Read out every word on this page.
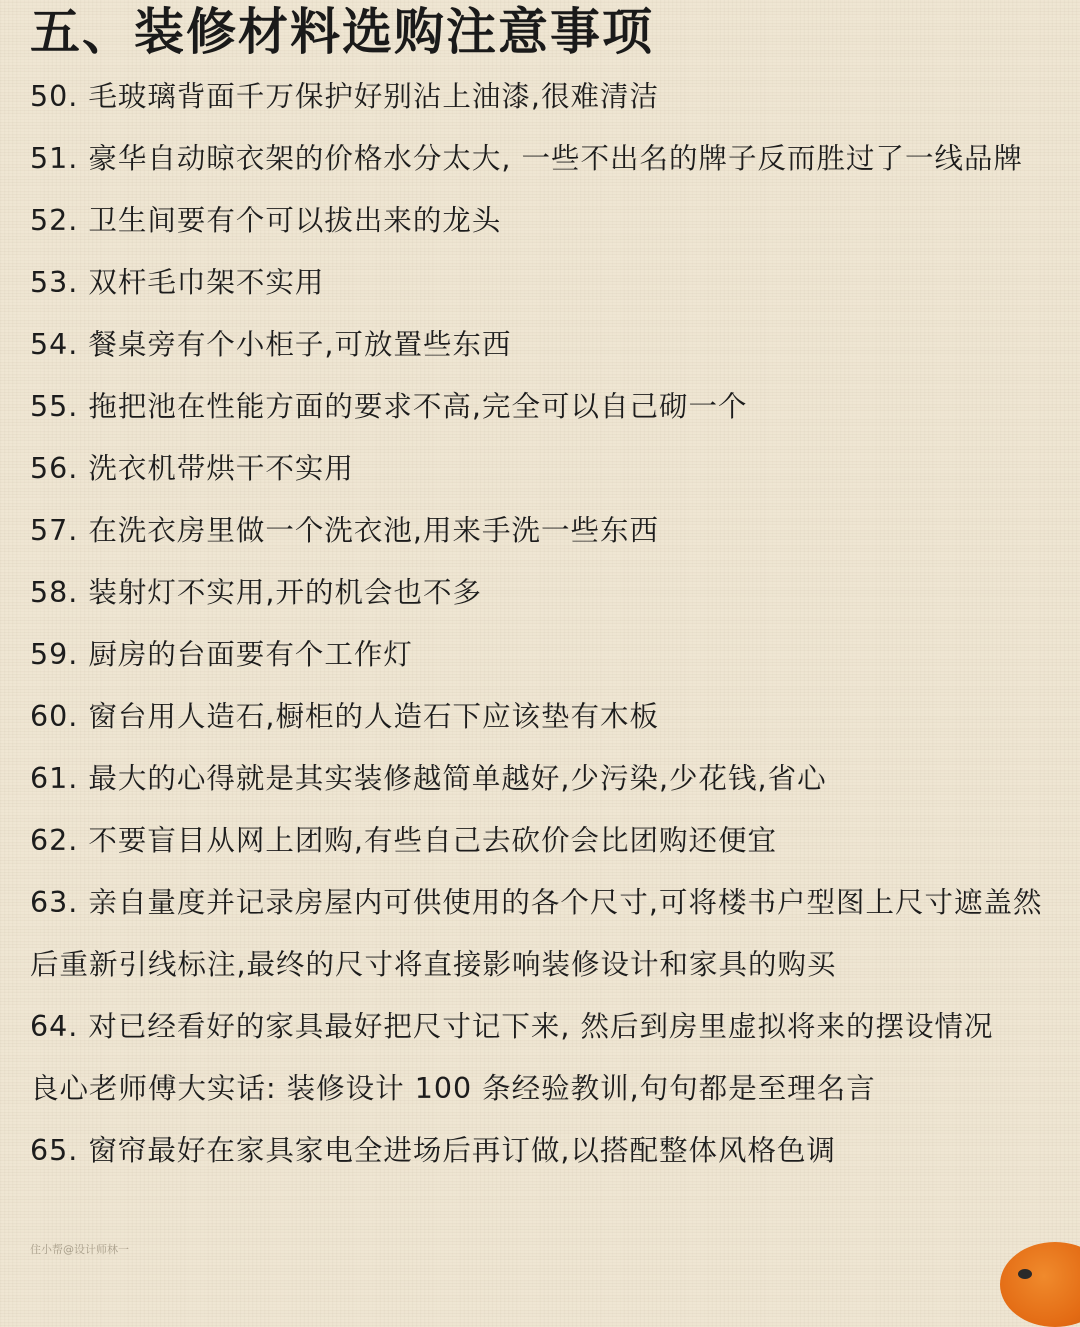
五、装修材料选购注意事项
50. 毛玻璃背面千万保护好别沾上油漆,很难清洁
51. 豪华自动晾衣架的价格水分太大, 一些不出名的牌子反而胜过了一线品牌
52. 卫生间要有个可以拔出来的龙头
53. 双杆毛巾架不实用
54. 餐桌旁有个小柜子,可放置些东西
55. 拖把池在性能方面的要求不高,完全可以自己砌一个
56. 洗衣机带烘干不实用
57. 在洗衣房里做一个洗衣池,用来手洗一些东西
58. 装射灯不实用,开的机会也不多
59. 厨房的台面要有个工作灯
60. 窗台用人造石,橱柜的人造石下应该垫有木板
61. 最大的心得就是其实装修越简单越好,少污染,少花钱,省心
62. 不要盲目从网上团购,有些自己去砍价会比团购还便宜
63. 亲自量度并记录房屋内可供使用的各个尺寸,可将楼书户型图上尺寸遮盖然后重新引线标注,最终的尺寸将直接影响装修设计和家具的购买
64. 对已经看好的家具最好把尺寸记下来, 然后到房里虚拟将来的摆设情况
良心老师傅大实话: 装修设计 100 条经验教训,句句都是至理名言
65. 窗帘最好在家具家电全进场后再订做,以搭配整体风格色调
住小帮@设计师林一
